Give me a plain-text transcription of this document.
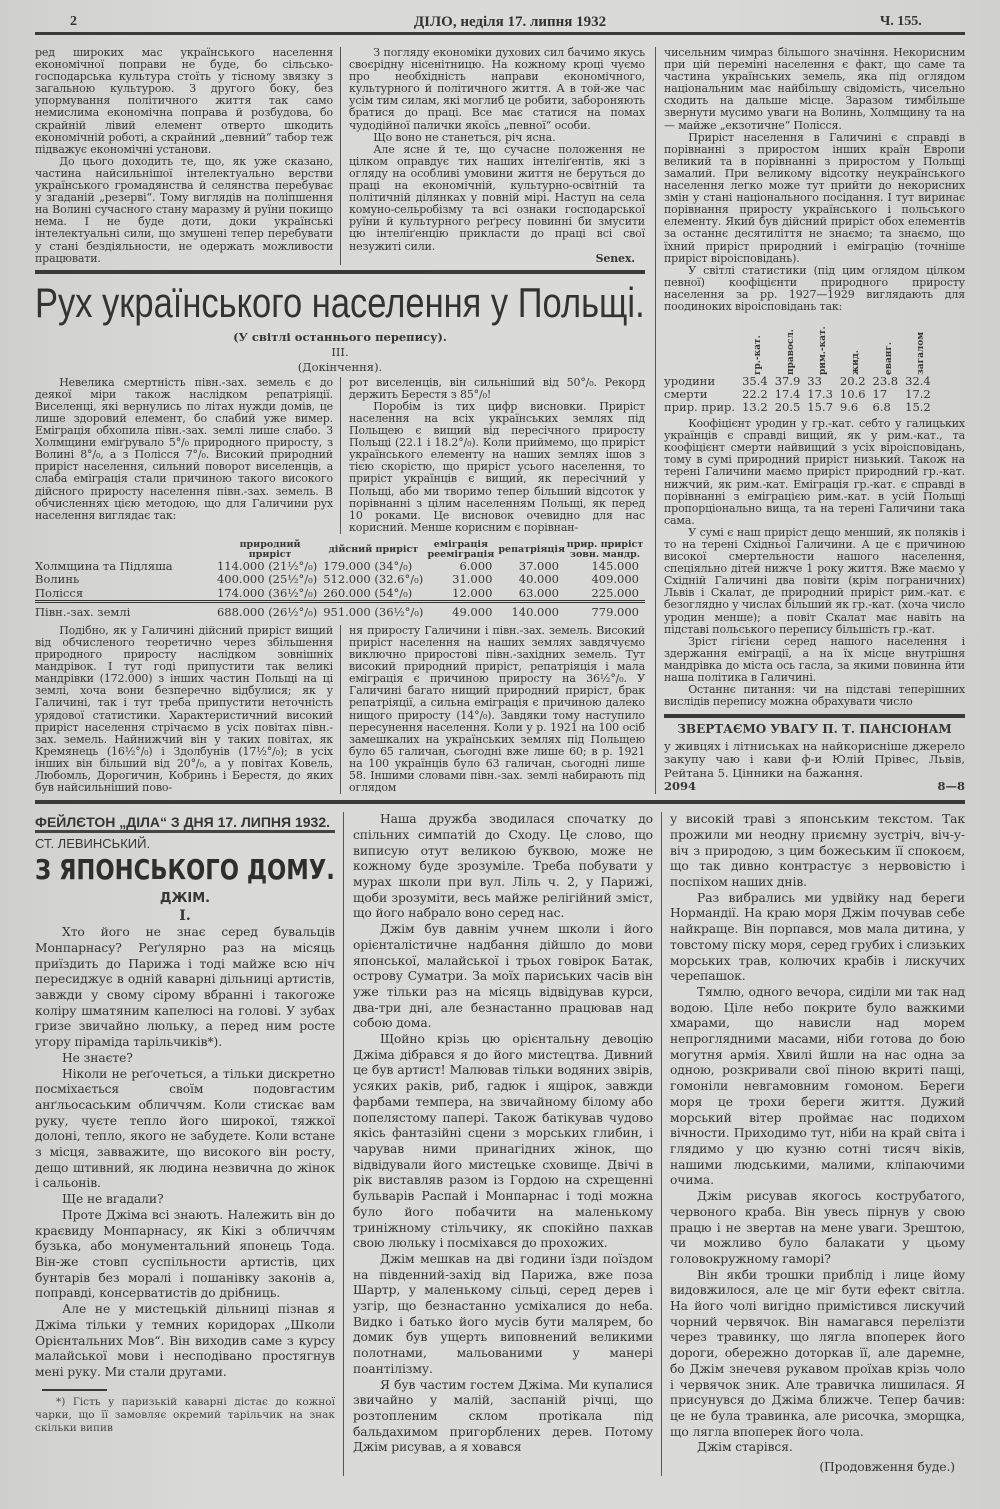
2	ДІЛО, неділя 17. липня 1932	Ч. 155.

ред широких мас українського населення економічної поправи не буде, бо сільсько-господарська культура стоїть у тісному звязку з загальною культурою. З другого боку, без упормування політичного життя так само немислима економічна поправа й розбудова, бо скрайній лівий елемент отверто шкодить економічній роботі, а скрайний „певний“ табор теж підважує економічні установи.

До цього доходить те, що, як уже сказано, частина найсильнішої інтелектуально верстви українського громадянства й селянства перебуває у згаданій „резерві“. Тому виглядів на поліпшення на Волині сучасного стану маразму й руїни покищо нема. І не буде доти, доки українські інтелектуальні сили, що змушені тепер перебувати у стані бездіяльности, не одержать можливости працювати.

З погляду економіки духових сил бачимо якусь своєрідну нісенітницю. На кожному кроці чуємо про необхідність направи економічного, культурного й політичного життя. А в той-же час усім тим силам, які моглиб це робити, забороняють братися до праці. Все має статися на помах чудодійної палички якоїсь „певної“ особи.

Що воно не станеться, річ ясна.

Але ясне й те, що сучасне положення не цілком оправдує тих наших інтеліґентів, які з огляду на особливі умовини життя не беруться до праці на економічній, культурно-освітній та політичній ділянках у повній мірі. Наступ на села комуно-сельробізму та всі ознаки господарської руїни й культурного реґресу повинні би змусити цю інтеліґенцію прикласти до праці всі свої незужиті сили.

Senex.
Рух українського населення у Польщі.
(У світлі останнього перепису).
III.
(Докінчення).

Невелика смертність півн.-зах. земель є до деякої міри також наслідком репатріяції. Виселенці, які вернулись по літах нужди домів, це лише здоровий елемент, бо слабий уже вимер. Еміграція обхопила півн.-зах. землі лише слабо. З Холмщини еміґрувало 5°/₀ природного приросту, з Волині 8°/₀, а з Полісся 7°/₀. Високий природний приріст населення, сильний поворот виселенців, а слаба еміграція стали причиною такого високого дійсного приросту населення півн.-зах. земель. В обчисленнях цією методою, що для Галичини рух населення виглядає так:

рот виселенців, він сильніший від 50°/₀. Рекорд держить Берестя з 85°/₀!

Поробім із тих цифр висновки. Приріст населення на всіх українських землях під Польщею є вищий від пересічного приросту Польщі (22.1 і 18.2°/₀). Коли приймемо, що приріст українського елементу на наших землях ішов з тією скорістю, що приріст усього населення, то приріст українців є вищий, як пересічний у Польщі, або ми творимо тепер більший відсоток у порівнанні з цілим населенням Польщі, як перед 10 роками. Це висновок очевидно для нас корисний. Менше корисним є порівнан-

	природний приріст	дійсний приріст	еміграція реемігрaція	репатріяція	прир. приріст зовн. мандр.
Холмщина та Підляша	114.000 (21½°/₀)	179.000 (34°/₀)	6.000	37.000	145.000
Волинь	400.000 (25½°/₀)	512.000 (32.6°/₀)	31.000	40.000	409.000
Полісся	174.000 (36½°/₀)	260.000 (54°/₀)	12.000	63.000	225.000
Півн.-зах. землі	688.000 (26½°/₀)	951.000 (36½°/₀)	49.000	140.000	779.000

Подібно, як у Галичині дійсний приріст вищий від обчисленого теоретично через збільшення природного приросту наслідком зовнішніх мандрівок. І тут годі припустити так великі мандрівки (172.000) з інших частин Польщі на ці землі, хоча вони безперечно відбулися; як у Галичині, так і тут треба припустити неточність урядової статистики. Характеристичний високий приріст населення стрічаємо в усіх повітах півн.-зах. земель. Найнижчий він у таких повітах, як Кремянець (16½°/₀) і Здолбунів (17½°/₀); в усіх інших він більший від 20°/₀, а у повітах Ковель, Любомль, Дорогичин, Кобринь і Берестя, до яких був найсильніший пово-

ня приросту Галичини і півн.-зах. земель. Високий приріст населення на наших землях завдячуємо виключно приростові півн.-західних земель. Тут високий природний приріст, репатріяція і мала еміграція є причиною приросту на 36½°/₀. У Галичині багато нищий природний приріст, брак репатріяції, а сильна еміграція є причиною далеко нищого приросту (14°/₀). Завдяки тому наступило пересунення населення. Коли у р. 1921 на 100 осіб замешкалих на українських землях під Польщею було 65 галичан, сьогодні вже лише 60; в р. 1921 на 100 українців було 63 галичан, сьогодні лише 58. Іншими словами півн.-зах. землі набирають під оглядом

чисельним чимраз більшого значіння. Некорисним при цій переміні населення є факт, що саме та частина українських земель, яка під оглядом національним має найбільшу свідомість, чисельно сходить на дальше місце. Заразом тимбільше звернути мусимо уваги на Волинь, Холмщину та на — майже „екзотичне“ Полісся.

Приріст населення в Галичині є справді в порівнанні з приростом інших країн Европи великий та в порівнанні з приростом у Польщі замалий. При великому відсотку неукраїнського населення легко може тут прийти до некорисних змін у стані національного посідання. І тут виринає порівнання приросту українського і польського елементу. Який був дійсний приріст обох елементів за останнє десятиліття не знаємо; та знаємо, що їхний приріст природний і еміграцію (точніше приріст віроісповідань).

У світлі статистики (під цим оглядом цілком певної) коофіцієнти природного приросту населення за рр. 1927—1929 виглядають для поодиноких віроісповідань так:

	гр.-кат.	правосл.	рим.-кат.	жид.	еванг.	загалом
уродини	35.4	37.9	33	20.2	23.8	32.4
смерти	22.2	17.4	17.3	10.6	17	17.2
прир. прир.	13.2	20.5	15.7	9.6	6.8	15.2

Коофіцієнт уродин у гр.-кат. себто у галицьких українців є справді вищий, як у рим.-кат., та коофіцієнт смерти найвищий з усіх віроісповідань, тому в сумі природний приріст низький. Також на терені Галичини маємо приріст природний гр.-кат. нижчий, як рим.-кат. Еміграція гр.-кат. є справді в порівнанні з еміграцією рим.-кат. в усій Польщі пропорціонально вища, та на терені Галичини така сама.

У сумі є наш приріст дещо менший, як поляків і то на терені Східньої Галичини. А це є причиною високої смертельности нашого населення, спеціяльно дітей нижче 1 року життя. Вже маємо у Східній Галичині два повіти (крім пограничних) Львів і Скалат, де природний приріст рим.-кат. є безоглядно у числах більший як гр.-кат. (хоча число уродин менше); а повіт Скалат має навіть на підставі польського перепису більшість гр.-кат.

Зріст гігієни серед нашого населення і здержання еміграції, а на їх місце внутрішня мандрівка до міста ось гасла, за якими повинна йти наша політика в Галичині.

Останнє питання: чи на підставі теперішних вислідів перепису можна обрахувати число

ЗВЕРТАЄМО УВАГУ П. Т. ПАНСІОНАМ
у живцях і літниськах на найкорисніше джерело закупу чаю і кави ф-и Юлій Прівес, Львів, Рейтана 5. Цінники на бажання.
2094	8—8
ФЕЙЛЄТОН „ДІЛА“ З ДНЯ 17. ЛИПНЯ 1932.
СТ. ЛЕВИНСЬКИЙ.
З ЯПОНСЬКОГО ДОМУ.
ДЖІМ.
I.

Хто його не знає серед бувальців Монпарнасу? Реґулярно раз на місяць приїздить до Парижа і тоді майже всю ніч пересиджує в одній каварні дільниці артистів, завжди у свому сірому вбранні і такогоже коліру шматяним капелюсі на голові. У зубах гризе звичайно люльку, а перед ним росте угору піраміда тарільчиків*).

Не знаєте?

Ніколи не реґочеться, а тільки дискретно посміхається своїм подовгастим анґльосаським обличчям. Коли стискає вам руку, чуєте тепло його широкої, тяжкої долоні, тепло, якого не забудете. Коли встане з місця, завважите, що високого він росту, дещо штивний, як людина незвична до жінок і сальонів.

Ще не вгадали?

Проте Джіма всі знають. Належить він до краєвиду Монпарнасу, як Кікі з обличчям бузька, або монументальний японець Тода. Він-же стовп суспільности артистів, цих бунтарів без моралі і пошанівку законів а, поправді, консерватистів до дрібниць.

Але не у мистецькій дільниці пізнав я Джіма тільки у темних коридорах „Школи Орієнтальних Мов“. Він виходив саме з курсу малайської мови і несподівано простягнув мені руку. Ми стали другами.

*) Гість у паризькій каварні дістає до кожної чарки, що її замовляє окремий тарільчик на знак скільки випив

Наша дружба зводилася спочатку до спільних симпатій до Сходу. Це слово, що виписую отут великою буквою, може не кожному буде зрозуміле. Треба побувати у мурах школи при вул. Ліль ч. 2, у Парижі, щоби зрозуміти, весь майже релігійний зміст, що його набрало воно серед нас.

Джім був давнім учнем школи і його орієнталістичне надбання дійшло до мови японської, малайської і трьох говірок Батак, острову Суматри. За моїх париських часів він уже тільки раз на місяць відвідував курси, два-три дні, але безнастанно працював над собою дома.

Щойно крізь цю орієнтальну девоцію Джіма дібрався я до його мистецтва. Дивний це був артист! Малював тільки водяних звірів, усяких раків, риб, гадюк і ящірок, завжди фарбами темпера, на звичайному білому або попелястому папері. Також батікував чудово якісь фантазійні сцени з морських глибин, і чарував ними принагідних жінок, що відвідували його мистецьке сховище. Двічі в рік виставляв разом із Гордою на схрещенні бульварів Распай і Монпарнас і тоді можна було його побачити на маленькому триніжному стільчику, як спокійно пахкав свою люльку і посміхався до прохожих.

Джім мешкав на дві години їзди поїздом на південний-захід від Парижа, вже поза Шартр, у маленькому сільці, серед дерев і узгір, що безнастанно усміхалися до неба. Видко і батько його мусів бути малярем, бо домик був ущерть виповнений великими полотнами, мальованими у манері поантілізму.

Я був частим гостем Джіма. Ми купалися звичайно у малій, заспаній річці, що розтопленим склом протікала під бальдахимом пригорблених дерев. Потому Джім рисував, а я ховався

у високій траві з японським текстом. Так прожили ми неодну приємну зустріч, віч-у-віч з природою, з цим божеським її спокоєм, що так дивно контрастує з нервовістю і поспіхом наших днів.

Раз вибрались ми удвійку над береги Нормандії. На краю моря Джім почував себе найкраще. Він порпався, мов мала дитина, у товстому піску моря, серед грубих і слизьких морських трав, колючих крабів і лискучих черепашок.

Тямлю, одного вечора, сиділи ми так над водою. Ціле небо покрите було важкими хмарами, що нависли над морем непроглядними масами, ніби готова до бою могутня армія. Хвилі йшли на нас одна за одною, розкривали свої піною вкриті пащі, гомоніли невгамовним гомоном. Береги моря це трохи береги життя. Дужий морський вітер проймає нас подихом вічности. Приходимо тут, ніби на край світа і глядимо у цю кузню сотні тисяч віків, нашими людськими, малими, кліпаючими очима.

Джім рисував якогось кострубатого, червоного краба. Він увесь пірнув у свою працю і не звертав на мене уваги. Зрештою, чи можливо було балакати у цьому головокружному гаморі?

Він якби трошки приблід і лице йому видовжилося, але це міг бути ефект світла. На його чолі вигідно примістився лискучий чорний червячок. Він намагався перелізти через травинку, що лягла впоперек його дороги, обережно доторкав її, але даремне, бо Джім знечевя рукавом проїхав крізь чоло і червячок зник. Але травичка лишилася. Я присунувся до Джіма ближче. Тепер бачив: це не була травинка, але рисочка, зморщка, що лягла впоперек його чола.

Джім старівся.

(Продовження буде.)
